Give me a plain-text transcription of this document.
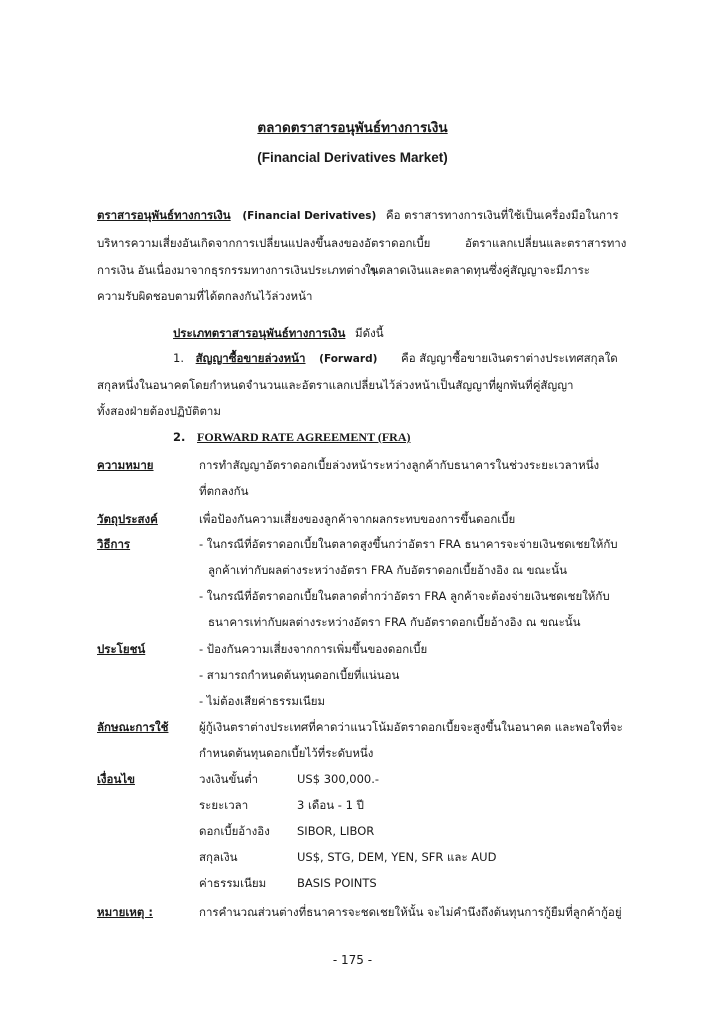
ตลาดตราสารอนุพันธ์ทางการเงิน
(Financial Derivatives Market)
ตราสารอนุพันธ์ทางการเงิน (Financial Derivatives) คือ ตราสารทางการเงินที่ใช้เป็นเครื่องมือในการ
บริหารความเสี่ยงอันเกิดจากการเปลี่ยนแปลงขึ้นลงของอัตราดอกเบี้ย	อัตราแลกเปลี่ยนและตราสารทาง
การเงิน อันเนื่องมาจากธุรกรรมทางการเงินประเภทต่าง ๆ
ในตลาดเงินและตลาดทุนซึ่งคู่สัญญาจะมีภาระ
ความรับผิดชอบตามที่ได้ตกลงกันไว้ล่วงหน้า
ประเภทตราสารอนุพันธ์ทางการเงิน มีดังนี้
1. สัญญาซื้อขายล่วงหน้า (Forward) คือ สัญญาซื้อขายเงินตราต่างประเทศสกุลใด
สกุลหนึ่งในอนาคตโดยกำหนดจำนวนและอัตราแลกเปลี่ยนไว้ล่วงหน้าเป็นสัญญาที่ผูกพันที่คู่สัญญา
ทั้งสองฝ่ายต้องปฏิบัติตาม
2. FORWARD RATE AGREEMENT (FRA)
ความหมาย	การทำสัญญาอัตราดอกเบี้ยล่วงหน้าระหว่างลูกค้ากับธนาคารในช่วงระยะเวลาหนึ่ง
ที่ตกลงกัน
วัตถุประสงค์	เพื่อป้องกันความเสี่ยงของลูกค้าจากผลกระทบของการขึ้นดอกเบี้ย
วิธีการ	- ในกรณีที่อัตราดอกเบี้ยในตลาดสูงขึ้นกว่าอัตรา FRA ธนาคารจะจ่ายเงินชดเชยให้กับ
ลูกค้าเท่ากับผลต่างระหว่างอัตรา FRA กับอัตราดอกเบี้ยอ้างอิง ณ ขณะนั้น
- ในกรณีที่อัตราดอกเบี้ยในตลาดต่ำกว่าอัตรา FRA ลูกค้าจะต้องจ่ายเงินชดเชยให้กับ
ธนาคารเท่ากับผลต่างระหว่างอัตรา FRA กับอัตราดอกเบี้ยอ้างอิง ณ ขณะนั้น
ประโยชน์	- ป้องกันความเสี่ยงจากการเพิ่มขึ้นของดอกเบี้ย
- สามารถกำหนดต้นทุนดอกเบี้ยที่แน่นอน
- ไม่ต้องเสียค่าธรรมเนียม
ลักษณะการใช้	ผู้กู้เงินตราต่างประเทศที่คาดว่าแนวโน้มอัตราดอกเบี้ยจะสูงขึ้นในอนาคต และพอใจที่จะ
กำหนดต้นทุนดอกเบี้ยไว้ที่ระดับหนึ่ง
เงื่อนไข	วงเงินขั้นต่ำ	US$ 300,000.-
ระยะเวลา	3 เดือน - 1 ปี
ดอกเบี้ยอ้างอิง SIBOR, LIBOR
สกุลเงิน	US$, STG, DEM, YEN, SFR และ AUD
ค่าธรรมเนียม	BASIS POINTS
หมายเหตุ :	การคำนวณส่วนต่างที่ธนาคารจะชดเชยให้นั้น จะไม่คำนึงถึงต้นทุนการกู้ยืมที่ลูกค้ากู้อยู่
- 175 -
